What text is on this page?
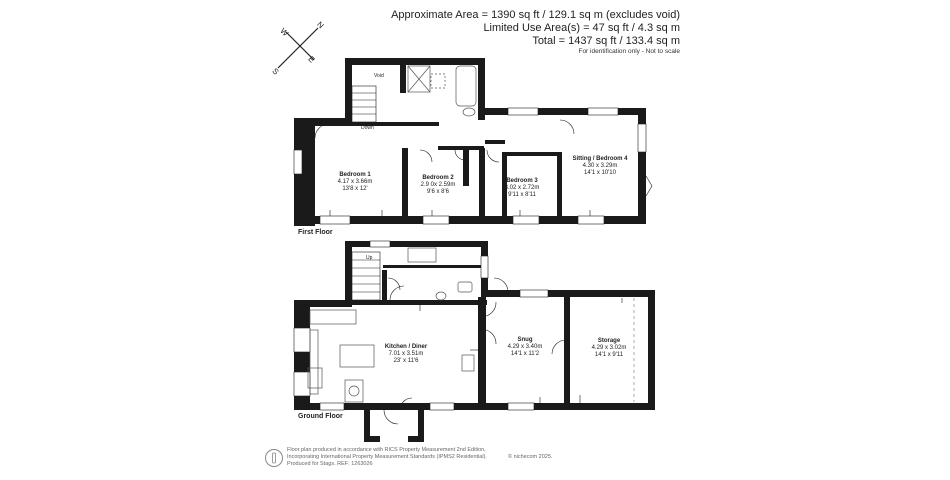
Approximate Area = 1390 sq ft / 129.1 sq m (excludes void)
Limited Use Area(s) = 47 sq ft / 4.3 sq m
Total = 1437 sq ft / 133.4 sq m
For identification only - Not to scale
N
E
S
W
Void
Down
Bedroom 1
4.17 x 3.66m
13'8 x 12'
Bedroom 2
2.9 0x 2.59m
9'6 x 8'6
Bedroom 3
3.02 x 2.72m
9'11 x 8'11
Sitting / Bedroom 4
4.30 x 3.29m
14'1 x 10'10
First Floor
Up
Kitchen / Diner
7.01 x 3.51m
23' x 11'6
Snug
4.29 x 3.40m
14'1 x 11'2
Storage
4.29 x 3.02m
14'1 x 9'11
Ground Floor
Floor plan produced in accordance with RICS Property Measurement 2nd Edition,
Incorporating International Property Measurement Standards (IPMS2 Residential).
Produced for Stags. REF: 1263026
© nichecom 2025.
